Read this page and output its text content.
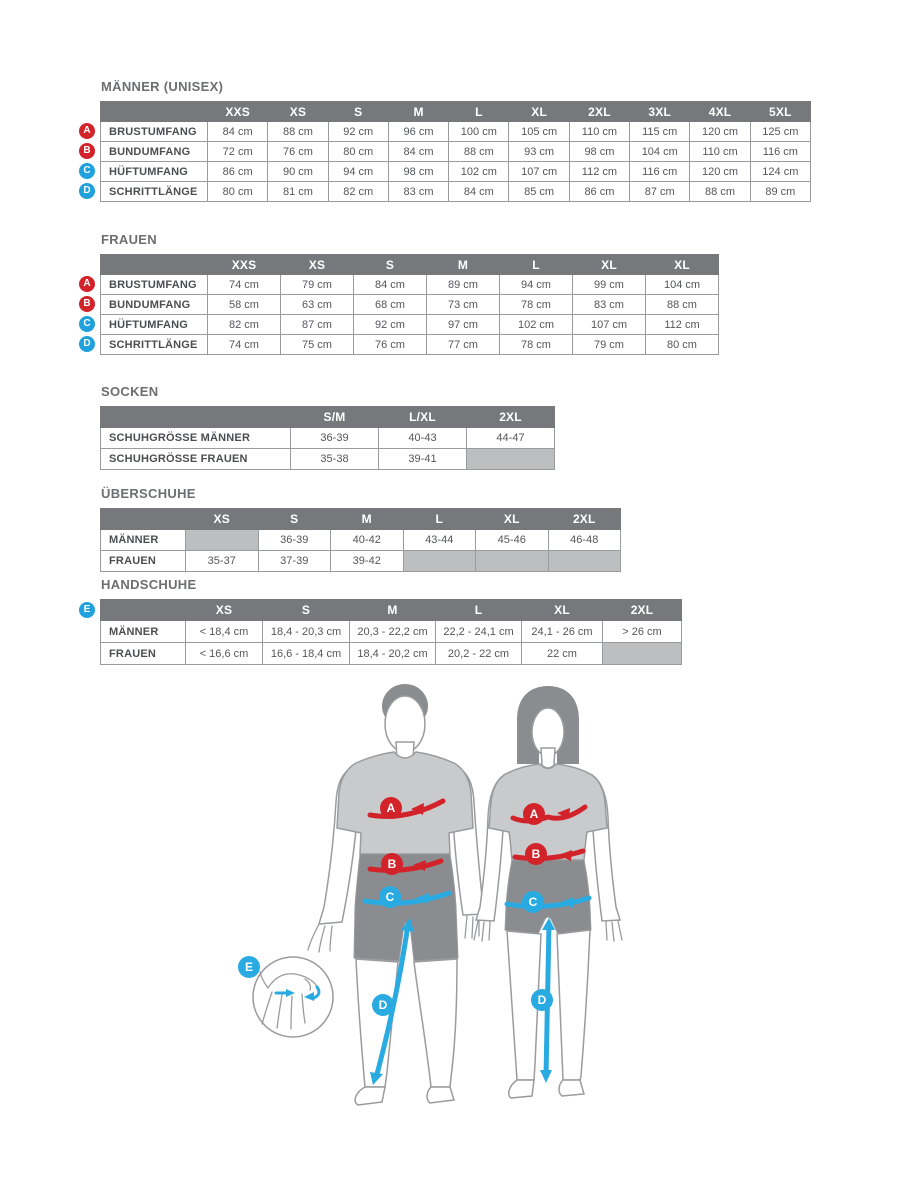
MÄNNER (UNISEX)
	XXS	XS	S	M	L	XL	2XL	3XL	4XL	5XL
BRUSTUMFANG	84 cm	88 cm	92 cm	96 cm	100 cm	105 cm	110 cm	115 cm	120 cm	125 cm
BUNDUMFANG	72 cm	76 cm	80 cm	84 cm	88 cm	93 cm	98 cm	104 cm	110 cm	116 cm
HÜFTUMFANG	86 cm	90 cm	94 cm	98 cm	102 cm	107 cm	112 cm	116 cm	120 cm	124 cm
SCHRITTLÄNGE	80 cm	81 cm	82 cm	83 cm	84 cm	85 cm	86 cm	87 cm	88 cm	89 cm
A
B
C
D
FRAUEN
	XXS	XS	S	M	L	XL	XL
BRUSTUMFANG	74 cm	79 cm	84 cm	89 cm	94 cm	99 cm	104 cm
BUNDUMFANG	58 cm	63 cm	68 cm	73 cm	78 cm	83 cm	88 cm
HÜFTUMFANG	82 cm	87 cm	92 cm	97 cm	102 cm	107 cm	112 cm
SCHRITTLÄNGE	74 cm	75 cm	76 cm	77 cm	78 cm	79 cm	80 cm
A
B
C
D
SOCKEN
	S/M	L/XL	2XL
SCHUHGRÖSSE MÄNNER	36-39	40-43	44-47
SCHUHGRÖSSE FRAUEN	35-38	39-41	
ÜBERSCHUHE
	XS	S	M	L	XL	2XL
MÄNNER		36-39	40-42	43-44	45-46	46-48
FRAUEN	35-37	37-39	39-42			
HANDSCHUHE
	XS	S	M	L	XL	2XL
MÄNNER	< 18,4 cm	18,4 - 20,3 cm	20,3 - 22,2 cm	22,2 - 24,1 cm	24,1 - 26 cm	> 26 cm
FRAUEN	< 16,6 cm	16,6 - 18,4 cm	18,4 - 20,2 cm	20,2 - 22 cm	22 cm	
E
A
B
C
D
A
B
C
D
E
